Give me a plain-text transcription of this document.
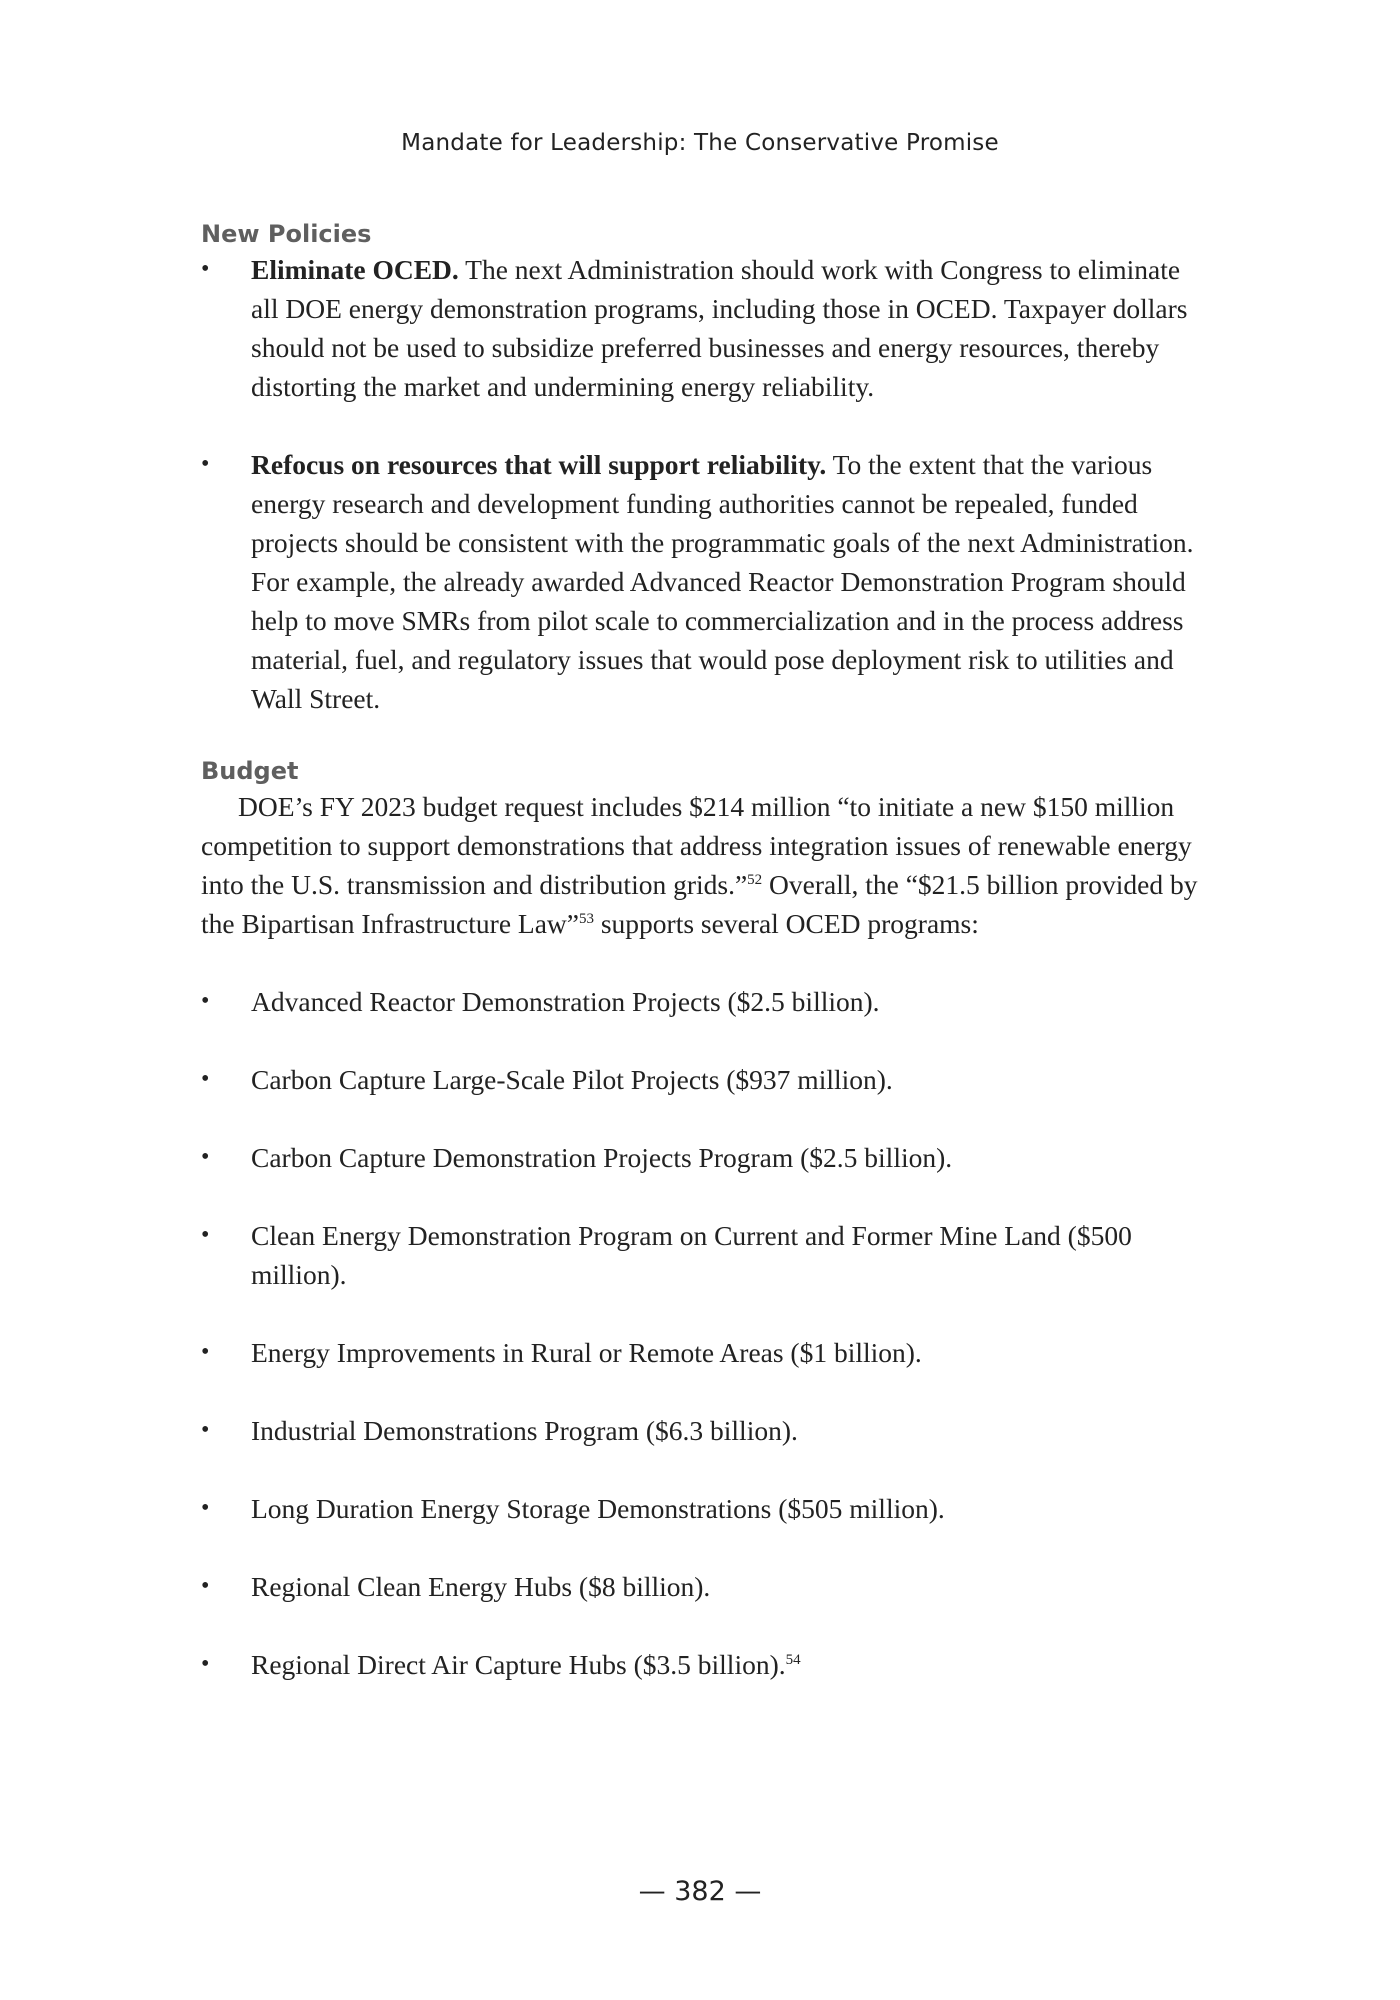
Mandate for Leadership: The Conservative Promise
New Policies
•	Eliminate OCED. The next Administration should work with Congress to eliminate all DOE energy demonstration programs, including those in OCED. Taxpayer dollars should not be used to subsidize preferred businesses and energy resources, thereby distorting the market and undermining energy reliability.
•	Refocus on resources that will support reliability. To the extent that the various energy research and development funding authorities cannot be repealed, funded projects should be consistent with the programmatic goals of the next Administration. For example, the already awarded Advanced Reactor Demonstration Program should help to move SMRs from pilot scale to commercialization and in the process address material, fuel, and regulatory issues that would pose deployment risk to utilities and Wall Street.
Budget

DOE’s FY 2023 budget request includes $214 million “to initiate a new $150 million competition to support demonstrations that address integration issues of renewable energy into the U.S. transmission and distribution grids.”$^{52}$ Overall, the “$21.5 billion provided by the Bipartisan Infrastructure Law”$^{53}$ supports several OCED programs:

•	Advanced Reactor Demonstration Projects ($2.5 billion).
•	Carbon Capture Large-Scale Pilot Projects ($937 million).
•	Carbon Capture Demonstration Projects Program ($2.5 billion).
•	Clean Energy Demonstration Program on Current and Former Mine Land ($500 million).
•	Energy Improvements in Rural or Remote Areas ($1 billion).
•	Industrial Demonstrations Program ($6.3 billion).
•	Long Duration Energy Storage Demonstrations ($505 million).
•	Regional Clean Energy Hubs ($8 billion).
•	Regional Direct Air Capture Hubs ($3.5 billion).$^{54}$
— 382 —
